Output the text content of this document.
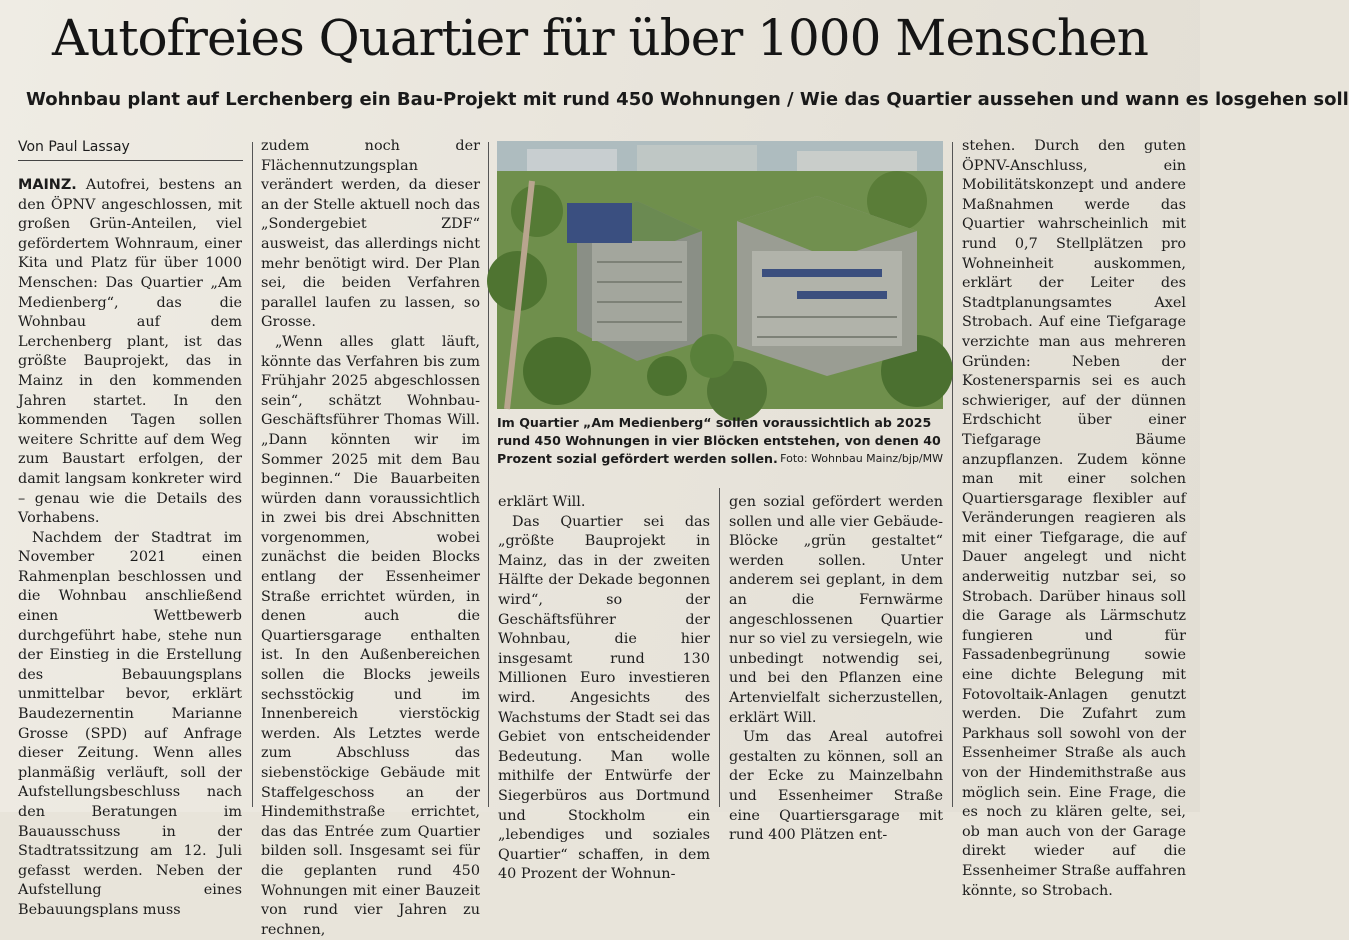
Autofreies Quartier für über 1000 Menschen
Wohnbau plant auf Lerchenberg ein Bau-Projekt mit rund 450 Wohnungen / Wie das Quartier aussehen und wann es losgehen soll
Von Paul Lassay

MAINZ. Autofrei, bestens an den ÖPNV angeschlossen, mit großen Grün-Anteilen, viel gefördertem Wohnraum, einer Kita und Platz für über 1000 Menschen: Das Quartier „Am Medienberg“, das die Wohnbau auf dem Lerchenberg plant, ist das größte Bauprojekt, das in Mainz in den kommenden Jahren startet. In den kommenden Tagen sollen weitere Schritte auf dem Weg zum Baustart erfolgen, der damit langsam konkreter wird – genau wie die Details des Vorhabens.

Nachdem der Stadtrat im November 2021 einen Rahmenplan beschlossen und die Wohnbau anschließend einen Wettbewerb durchgeführt habe, stehe nun der Einstieg in die Erstellung des Bebauungsplans unmittelbar bevor, erklärt Baudezernentin Marianne Grosse (SPD) auf Anfrage dieser Zeitung. Wenn alles planmäßig verläuft, soll der Aufstellungsbeschluss nach den Beratungen im Bauausschuss in der Stadtratssitzung am 12. Juli gefasst werden. Neben der Aufstellung eines Bebauungsplans muss

zudem noch der Flächennutzungsplan verändert werden, da dieser an der Stelle aktuell noch das „Sondergebiet ZDF“ ausweist, das allerdings nicht mehr benötigt wird. Der Plan sei, die beiden Verfahren parallel laufen zu lassen, so Grosse.

„Wenn alles glatt läuft, könnte das Verfahren bis zum Frühjahr 2025 abgeschlossen sein“, schätzt Wohnbau-Geschäftsführer Thomas Will. „Dann könnten wir im Sommer 2025 mit dem Bau beginnen.“ Die Bauarbeiten würden dann voraussichtlich in zwei bis drei Abschnitten vorgenommen, wobei zunächst die beiden Blocks entlang der Essenheimer Straße errichtet würden, in denen auch die Quartiersgarage enthalten ist. In den Außenbereichen sollen die Blocks jeweils sechsstöckig und im Innenbereich vierstöckig werden. Als Letztes werde zum Abschluss das siebenstöckige Gebäude mit Staffelgeschoss an der Hindemithstraße errichtet, das das Entrée zum Quartier bilden soll. Insgesamt sei für die geplanten rund 450 Wohnungen mit einer Bauzeit von rund vier Jahren zu rechnen,

Im Quartier „Am Medienberg“ sollen voraussichtlich ab 2025 rund 450 Wohnungen in vier Blöcken entstehen, von denen 40 Prozent sozial gefördert werden sollen. Foto: Wohnbau Mainz/bjp/MW

erklärt Will.

Das Quartier sei das „größte Bauprojekt in Mainz, das in der zweiten Hälfte der Dekade begonnen wird“, so der Geschäftsführer der Wohnbau, die hier insgesamt rund 130 Millionen Euro investieren wird. Angesichts des Wachstums der Stadt sei das Gebiet von entscheidender Bedeutung. Man wolle mithilfe der Entwürfe der Siegerbüros aus Dortmund und Stockholm ein „lebendiges und soziales Quartier“ schaffen, in dem 40 Prozent der Wohnun-

gen sozial gefördert werden sollen und alle vier Gebäude-Blöcke „grün gestaltet“ werden sollen. Unter anderem sei geplant, in dem an die Fernwärme angeschlossenen Quartier nur so viel zu versiegeln, wie unbedingt notwendig sei, und bei den Pflanzen eine Artenvielfalt sicherzustellen, erklärt Will.

Um das Areal autofrei gestalten zu können, soll an der Ecke zu Mainzelbahn und Essenheimer Straße eine Quartiersgarage mit rund 400 Plätzen ent-

stehen. Durch den guten ÖPNV-Anschluss, ein Mobilitätskonzept und andere Maßnahmen werde das Quartier wahrscheinlich mit rund 0,7 Stellplätzen pro Wohneinheit auskommen, erklärt der Leiter des Stadtplanungsamtes Axel Strobach. Auf eine Tiefgarage verzichte man aus mehreren Gründen: Neben der Kostenersparnis sei es auch schwieriger, auf der dünnen Erdschicht über einer Tiefgarage Bäume anzupflanzen. Zudem könne man mit einer solchen Quartiersgarage flexibler auf Veränderungen reagieren als mit einer Tiefgarage, die auf Dauer angelegt und nicht anderweitig nutzbar sei, so Strobach. Darüber hinaus soll die Garage als Lärmschutz fungieren und für Fassadenbegrünung sowie eine dichte Belegung mit Fotovoltaik-Anlagen genutzt werden. Die Zufahrt zum Parkhaus soll sowohl von der Essenheimer Straße als auch von der Hindemithstraße aus möglich sein. Eine Frage, die es noch zu klären gelte, sei, ob man auch von der Garage direkt wieder auf die Essenheimer Straße auffahren könnte, so Strobach.
